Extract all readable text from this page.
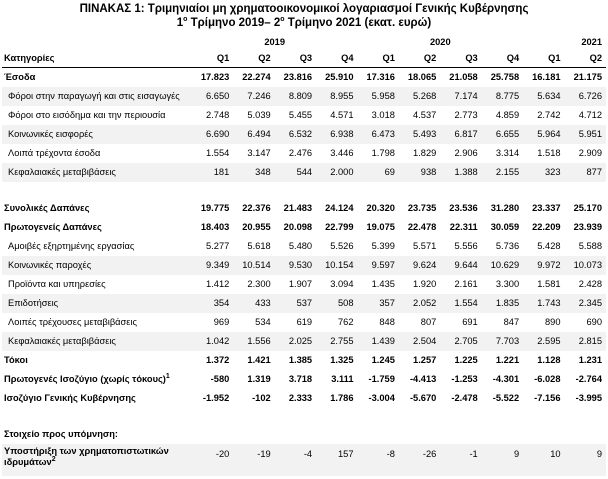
ΠΙΝΑΚΑΣ 1: Τριμηνιαίοι μη χρηματοοικονομικοί λογαριασμοί Γενικής Κυβέρνησης
$1^o$ Τρίμηνο 2019– $2^o$ Τρίμηνο 2021 (εκατ. ευρώ)
	2019				2020				2021	
Κατηγορίες	Q1	Q2	Q3	Q4	Q1	Q2	Q3	Q4	Q1	Q2
Έσοδα	17.823	22.274	23.816	25.910	17.316	18.065	21.058	25.758	16.181	21.175
Φόροι στην παραγωγή και στις εισαγωγές	6.650	7.246	8.809	8.955	5.958	5.268	7.174	8.775	5.634	6.726
Φόροι στο εισόδημα και την περιουσία	2.748	5.039	5.455	4.571	3.018	4.537	2.773	4.859	2.742	4.712
Κοινωνικές εισφορές	6.690	6.494	6.532	6.938	6.473	5.493	6.817	6.655	5.964	5.951
Λοιπά τρέχοντα έσοδα	1.554	3.147	2.476	3.446	1.798	1.829	2.906	3.314	1.518	2.909
Κεφαλαιακές μεταβιβάσεις	181	348	544	2.000	69	938	1.388	2.155	323	877

Συνολικές Δαπάνες	19.775	22.376	21.483	24.124	20.320	23.735	23.536	31.280	23.337	25.170
Πρωτογενείς Δαπάνες	18.403	20.955	20.098	22.799	19.075	22.478	22.311	30.059	22.209	23.939
Αμοιβές εξηρτημένης εργασίας	5.277	5.618	5.480	5.526	5.399	5.571	5.556	5.736	5.428	5.588
Κοινωνικές παροχές	9.349	10.514	9.530	10.154	9.597	9.624	9.644	10.629	9.972	10.073
Προϊόντα και υπηρεσίες	1.412	2.300	1.907	3.094	1.435	1.920	2.161	3.300	1.581	2.428
Επιδοτήσεις	354	433	537	508	357	2.052	1.554	1.835	1.743	2.345
Λοιπές τρέχουσες μεταβιβάσεις	969	534	619	762	848	807	691	847	890	690
Κεφαλαιακές μεταβιβάσεις	1.042	1.556	2.025	2.755	1.439	2.504	2.705	7.703	2.595	2.815
Τόκοι	1.372	1.421	1.385	1.325	1.245	1.257	1.225	1.221	1.128	1.231
Πρωτογενές Ισοζύγιο (χωρίς τόκους)$^1$	-580	1.319	3.718	3.111	-1.759	-4.413	-1.253	-4.301	-6.028	-2.764
Ισοζύγιο Γενικής Κυβέρνησης	-1.952	-102	2.333	1.786	-3.004	-5.670	-2.478	-5.522	-7.156	-3.995

Στοιχείο προς υπόμνηση:										
Υποστήριξη των χρηματοπιστωτικών ιδρυμάτων$^2$	-20	-19	-4	157	-8	-26	-1	9	10	9
